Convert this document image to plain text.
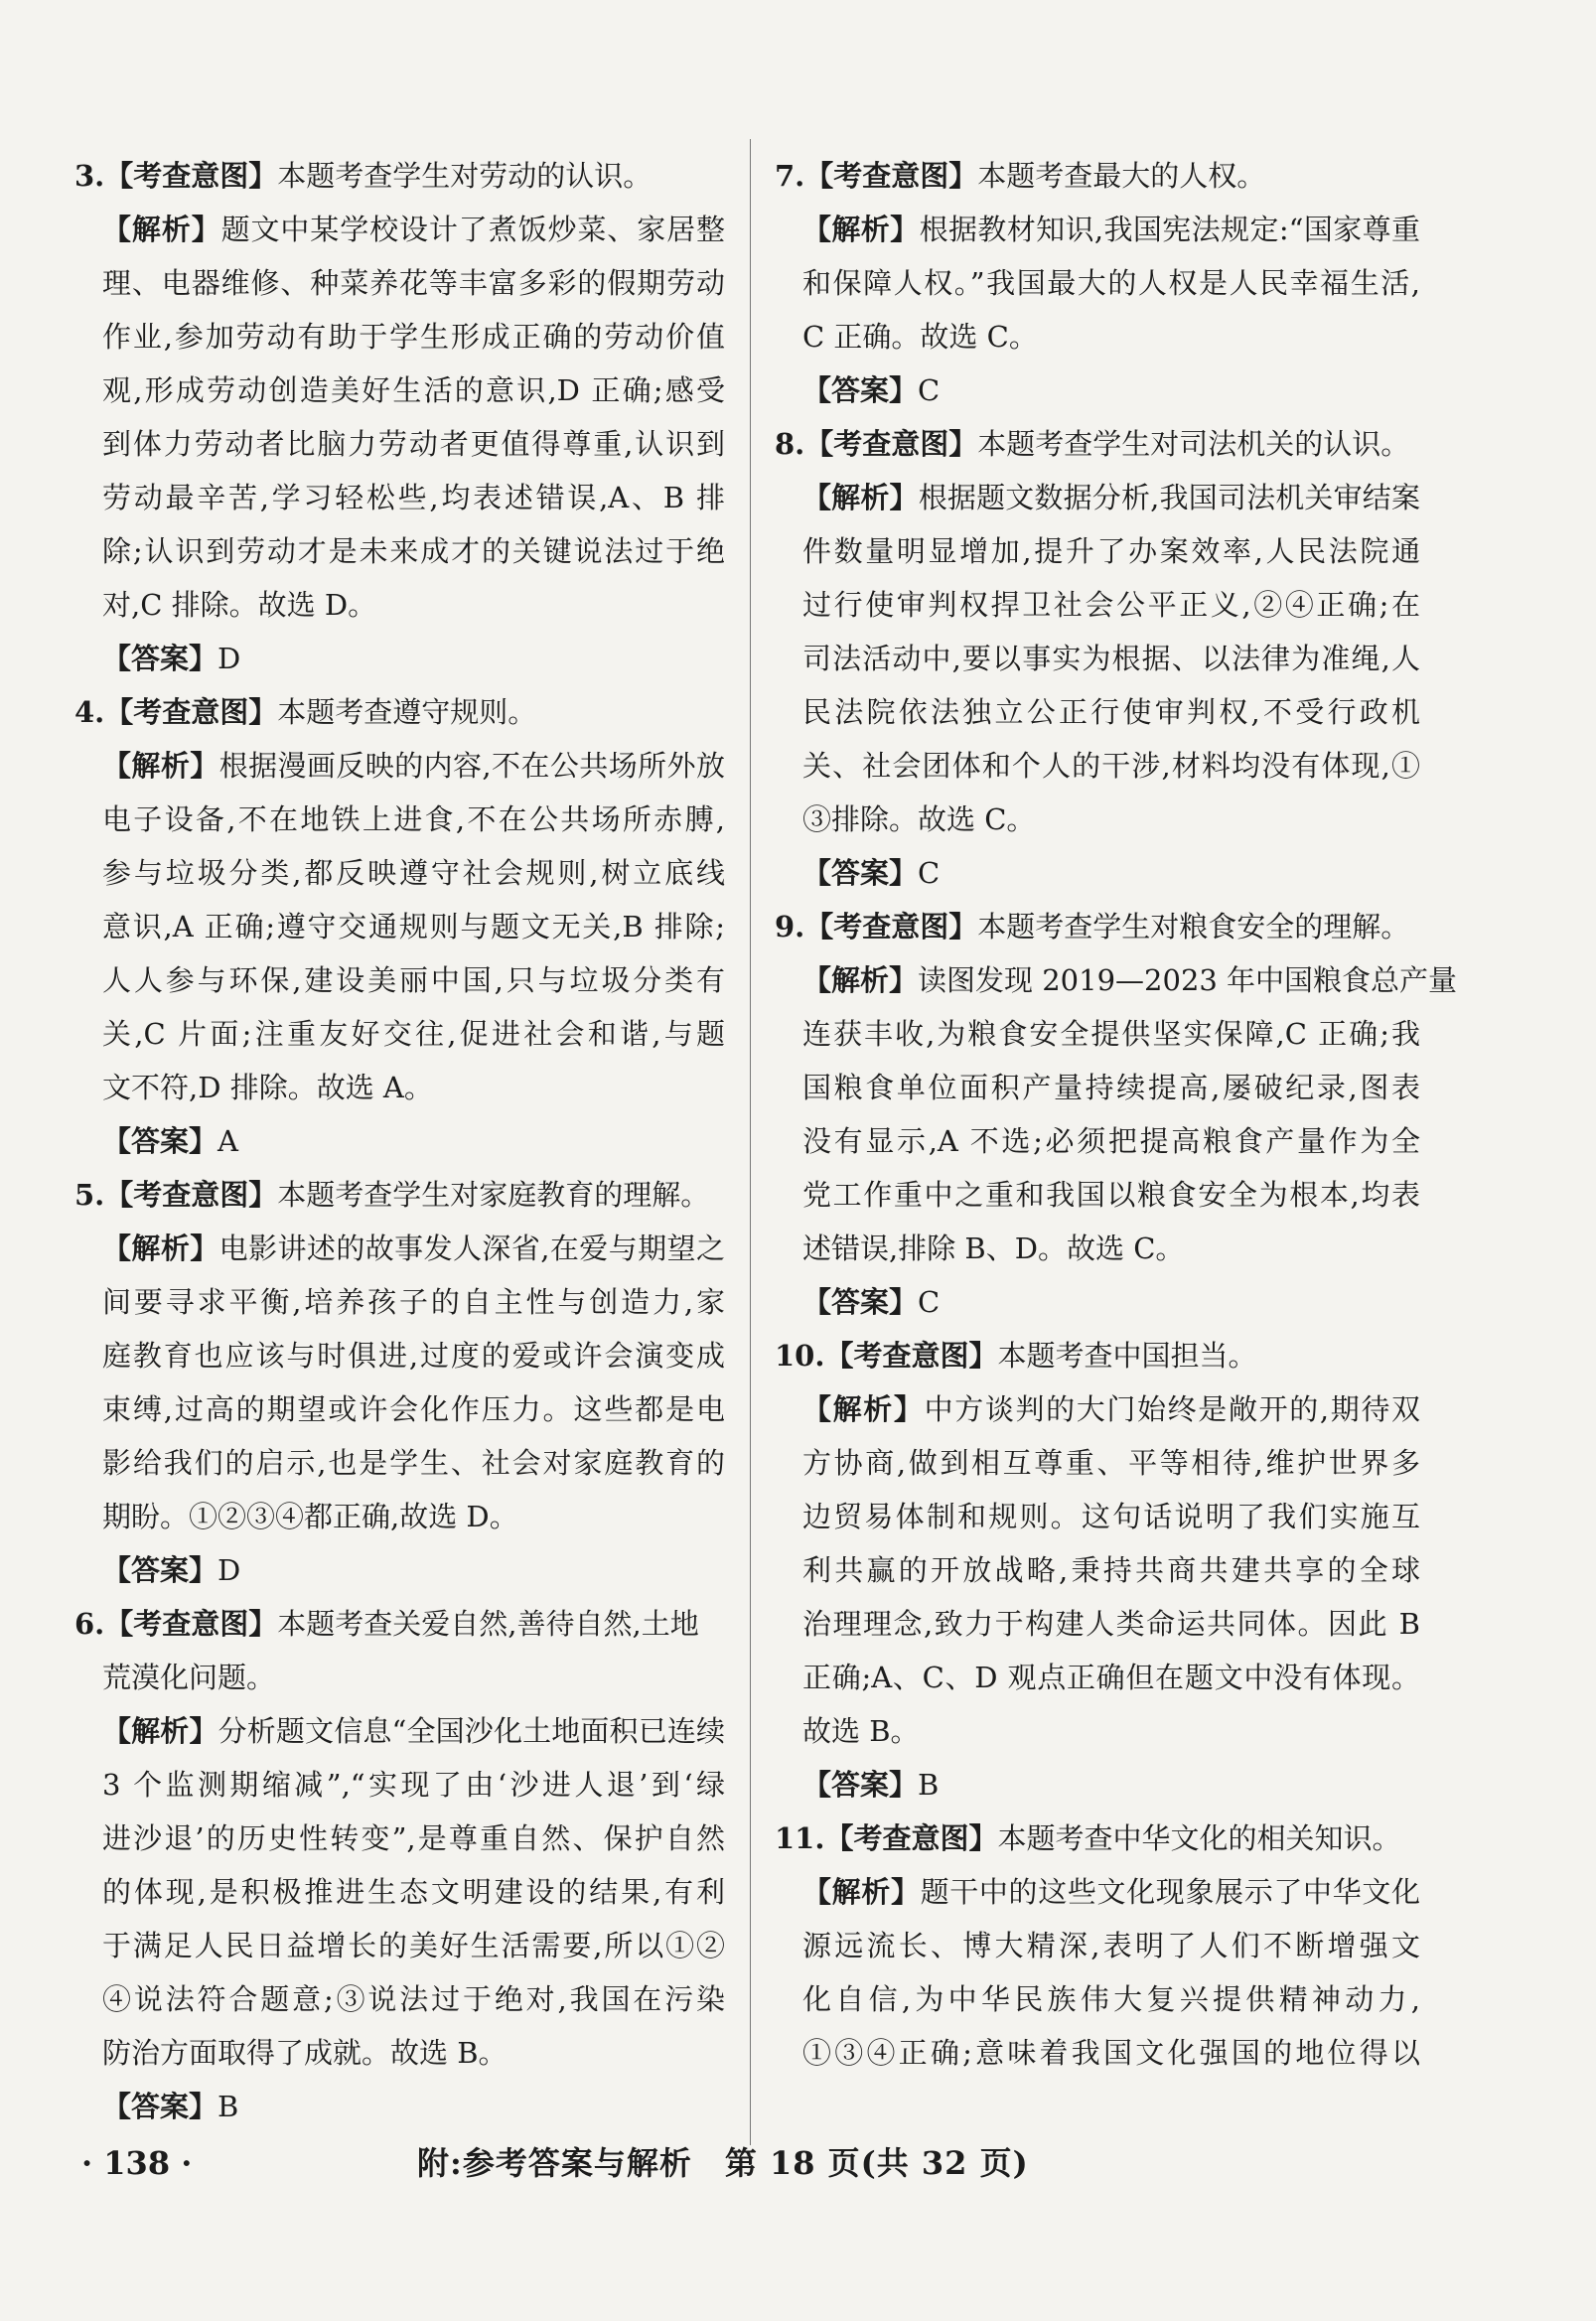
3.【考查意图】本题考查学生对劳动的认识。
【解析】题文中某学校设计了煮饭炒菜、家居整
理、电器维修、种菜养花等丰富多彩的假期劳动
作业,参加劳动有助于学生形成正确的劳动价值
观,形成劳动创造美好生活的意识,D 正确;感受
到体力劳动者比脑力劳动者更值得尊重,认识到
劳动最辛苦,学习轻松些,均表述错误,A、B 排
除;认识到劳动才是未来成才的关键说法过于绝
对,C 排除。故选 D。
【答案】D
4.【考查意图】本题考查遵守规则。
【解析】根据漫画反映的内容,不在公共场所外放
电子设备,不在地铁上进食,不在公共场所赤膊,
参与垃圾分类,都反映遵守社会规则,树立底线
意识,A 正确;遵守交通规则与题文无关,B 排除;
人人参与环保,建设美丽中国,只与垃圾分类有
关,C 片面;注重友好交往,促进社会和谐,与题
文不符,D 排除。故选 A。
【答案】A
5.【考查意图】本题考查学生对家庭教育的理解。
【解析】电影讲述的故事发人深省,在爱与期望之
间要寻求平衡,培养孩子的自主性与创造力,家
庭教育也应该与时俱进,过度的爱或许会演变成
束缚,过高的期望或许会化作压力。这些都是电
影给我们的启示,也是学生、社会对家庭教育的
期盼。①②③④都正确,故选 D。
【答案】D
6.【考查意图】本题考查关爱自然,善待自然,土地
荒漠化问题。
【解析】分析题文信息“全国沙化土地面积已连续
3 个监测期缩减”,“实现了由‘沙进人退’到‘绿
进沙退’的历史性转变”,是尊重自然、保护自然
的体现,是积极推进生态文明建设的结果,有利
于满足人民日益增长的美好生活需要,所以①②
④说法符合题意;③说法过于绝对,我国在污染
防治方面取得了成就。故选 B。
【答案】B
7.【考查意图】本题考查最大的人权。
【解析】根据教材知识,我国宪法规定:“国家尊重
和保障人权。”我国最大的人权是人民幸福生活,
C 正确。故选 C。
【答案】C
8.【考查意图】本题考查学生对司法机关的认识。
【解析】根据题文数据分析,我国司法机关审结案
件数量明显增加,提升了办案效率,人民法院通
过行使审判权捍卫社会公平正义,②④正确;在
司法活动中,要以事实为根据、以法律为准绳,人
民法院依法独立公正行使审判权,不受行政机
关、社会团体和个人的干涉,材料均没有体现,①
③排除。故选 C。
【答案】C
9.【考查意图】本题考查学生对粮食安全的理解。
【解析】读图发现 2019—2023 年中国粮食总产量
连获丰收,为粮食安全提供坚实保障,C 正确;我
国粮食单位面积产量持续提高,屡破纪录,图表
没有显示,A 不选;必须把提高粮食产量作为全
党工作重中之重和我国以粮食安全为根本,均表
述错误,排除 B、D。故选 C。
【答案】C
10.【考查意图】本题考查中国担当。
【解析】中方谈判的大门始终是敞开的,期待双
方协商,做到相互尊重、平等相待,维护世界多
边贸易体制和规则。这句话说明了我们实施互
利共赢的开放战略,秉持共商共建共享的全球
治理理念,致力于构建人类命运共同体。因此 B
正确;A、C、D 观点正确但在题文中没有体现。
故选 B。
【答案】B
11.【考查意图】本题考查中华文化的相关知识。
【解析】题干中的这些文化现象展示了中华文化
源远流长、博大精深,表明了人们不断增强文
化自信,为中华民族伟大复兴提供精神动力,
①③④正确;意味着我国文化强国的地位得以
· 138 ·	附:参考答案与解析　第 18 页(共 32 页)
